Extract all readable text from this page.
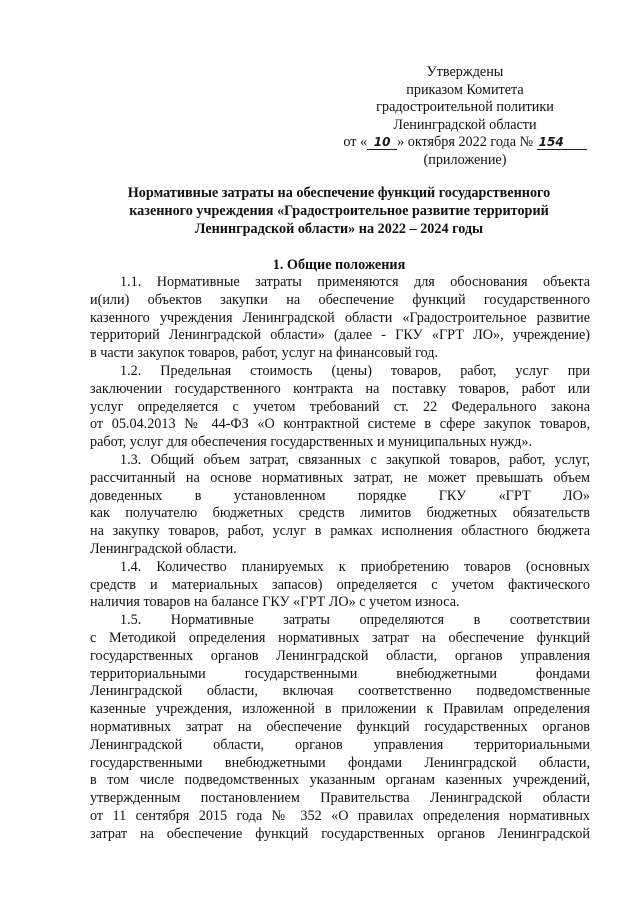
Утверждены
приказом Комитета
градостроительной политики
Ленинградской области
от « 10 » октября 2022 года № 154
(приложение)
Нормативные затраты на обеспечение функций государственного
казенного учреждения «Градостроительное развитие территорий
Ленинградской области» на 2022 – 2024 годы
1. Общие положения
1.1. Нормативные затраты применяются для обоснования объекта
и(или) объектов закупки на обеспечение функций государственного
казенного учреждения Ленинградской области «Градостроительное развитие
территорий Ленинградской области» (далее - ГКУ «ГРТ ЛО», учреждение)
в части закупок товаров, работ, услуг на финансовый год.
1.2. Предельная стоимость (цены) товаров, работ, услуг при
заключении государственного контракта на поставку товаров, работ или
услуг определяется с учетом требований ст. 22 Федерального закона
от 05.04.2013 № 44-ФЗ «О контрактной системе в сфере закупок товаров,
работ, услуг для обеспечения государственных и муниципальных нужд».
1.3. Общий объем затрат, связанных с закупкой товаров, работ, услуг,
рассчитанный на основе нормативных затрат, не может превышать объем
доведенных в установленном порядке ГКУ «ГРТ ЛО»
как получателю бюджетных средств лимитов бюджетных обязательств
на закупку товаров, работ, услуг в рамках исполнения областного бюджета
Ленинградской области.
1.4. Количество планируемых к приобретению товаров (основных
средств и материальных запасов) определяется с учетом фактического
наличия товаров на балансе ГКУ «ГРТ ЛО» с учетом износа.
1.5. Нормативные затраты определяются в соответствии
с Методикой определения нормативных затрат на обеспечение функций
государственных органов Ленинградской области, органов управления
территориальными государственными внебюджетными фондами
Ленинградской области, включая соответственно подведомственные
казенные учреждения, изложенной в приложении к Правилам определения
нормативных затрат на обеспечение функций государственных органов
Ленинградской области, органов управления территориальными
государственными внебюджетными фондами Ленинградской области,
в том числе подведомственных указанным органам казенных учреждений,
утвержденным постановлением Правительства Ленинградской области
от 11 сентября 2015 года № 352 «О правилах определения нормативных
затрат на обеспечение функций государственных органов Ленинградской
